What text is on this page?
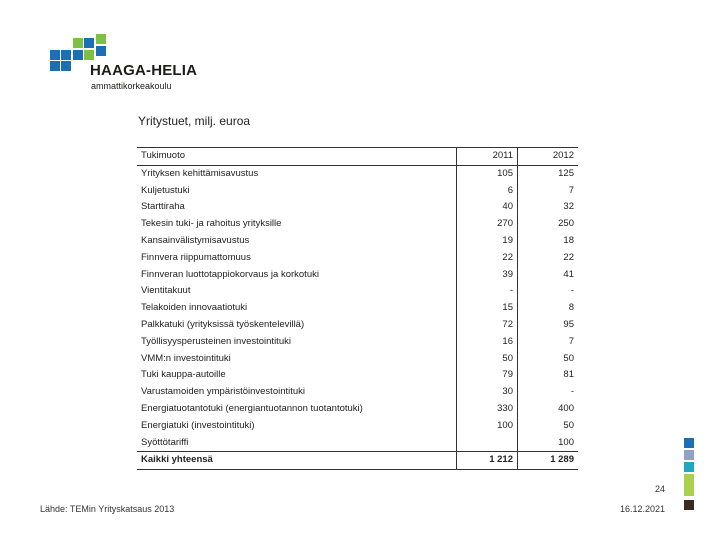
HAAGA-HELIA
ammattikorkeakoulu
Yritystuet, milj. euroa
Tukimuoto	2011	2012
Yrityksen kehittämisavustus	105	125
Kuljetustuki	6	7
Starttiraha	40	32
Tekesin tuki- ja rahoitus yrityksille	270	250
Kansainvälistymisavustus	19	18
Finnvera riippumattomuus	22	22
Finnveran luottotappiokorvaus ja korkotuki	39	41
Vientitakuut	-	-
Telakoiden innovaatiotuki	15	8
Palkkatuki (yrityksissä työskentelevillä)	72	95
Työllisyysperusteinen investointituki	16	7
VMM:n investointituki	50	50
Tuki kauppa-autoille	79	81
Varustamoiden ympäristöinvestointituki	30	-
Energiatuotantotuki (energiantuotannon tuotantotuki)	330	400
Energiatuki (investointituki)	100	50
Syöttötariffi		100
Kaikki yhteensä	1 212	1 289
24
Lähde: TEMin Yrityskatsaus 2013	16.12.2021
